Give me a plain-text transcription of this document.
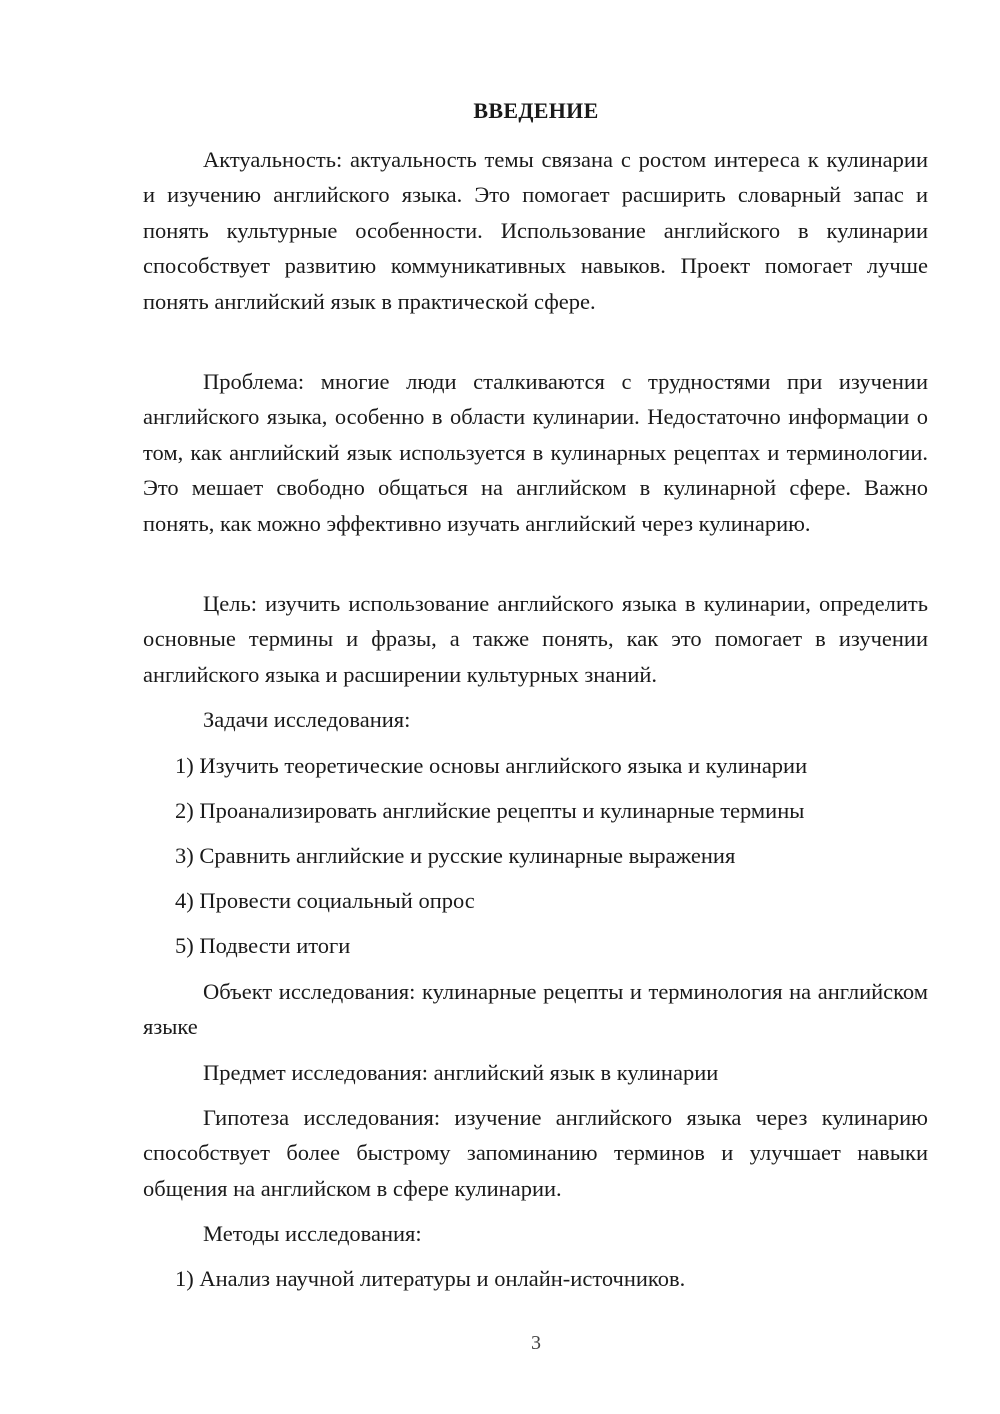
ВВЕДЕНИЕ
Актуальность: актуальность темы связана с ростом интереса к кулинарии и изучению английского языка. Это помогает расширить словарный запас и понять культурные особенности. Использование английского в кулинарии способствует развитию коммуникативных навыков. Проект помогает лучше понять английский язык в практической сфере.
Проблема: многие люди сталкиваются с трудностями при изучении английского языка, особенно в области кулинарии. Недостаточно информации о том, как английский язык используется в кулинарных рецептах и терминологии. Это мешает свободно общаться на английском в кулинарной сфере. Важно понять, как можно эффективно изучать английский через кулинарию.
Цель: изучить использование английского языка в кулинарии, определить основные термины и фразы, а также понять, как это помогает в изучении английского языка и расширении культурных знаний.
Задачи исследования:
1) Изучить теоретические основы английского языка и кулинарии
2) Проанализировать английские рецепты и кулинарные термины
3) Сравнить английские и русские кулинарные выражения
4) Провести социальный опрос
5) Подвести итоги
Объект исследования: кулинарные рецепты и терминология на английском языке
Предмет исследования: английский язык в кулинарии
Гипотеза исследования: изучение английского языка через кулинарию способствует более быстрому запоминанию терминов и улучшает навыки общения на английском в сфере кулинарии.
Методы исследования:
1) Анализ научной литературы и онлайн-источников.
3
